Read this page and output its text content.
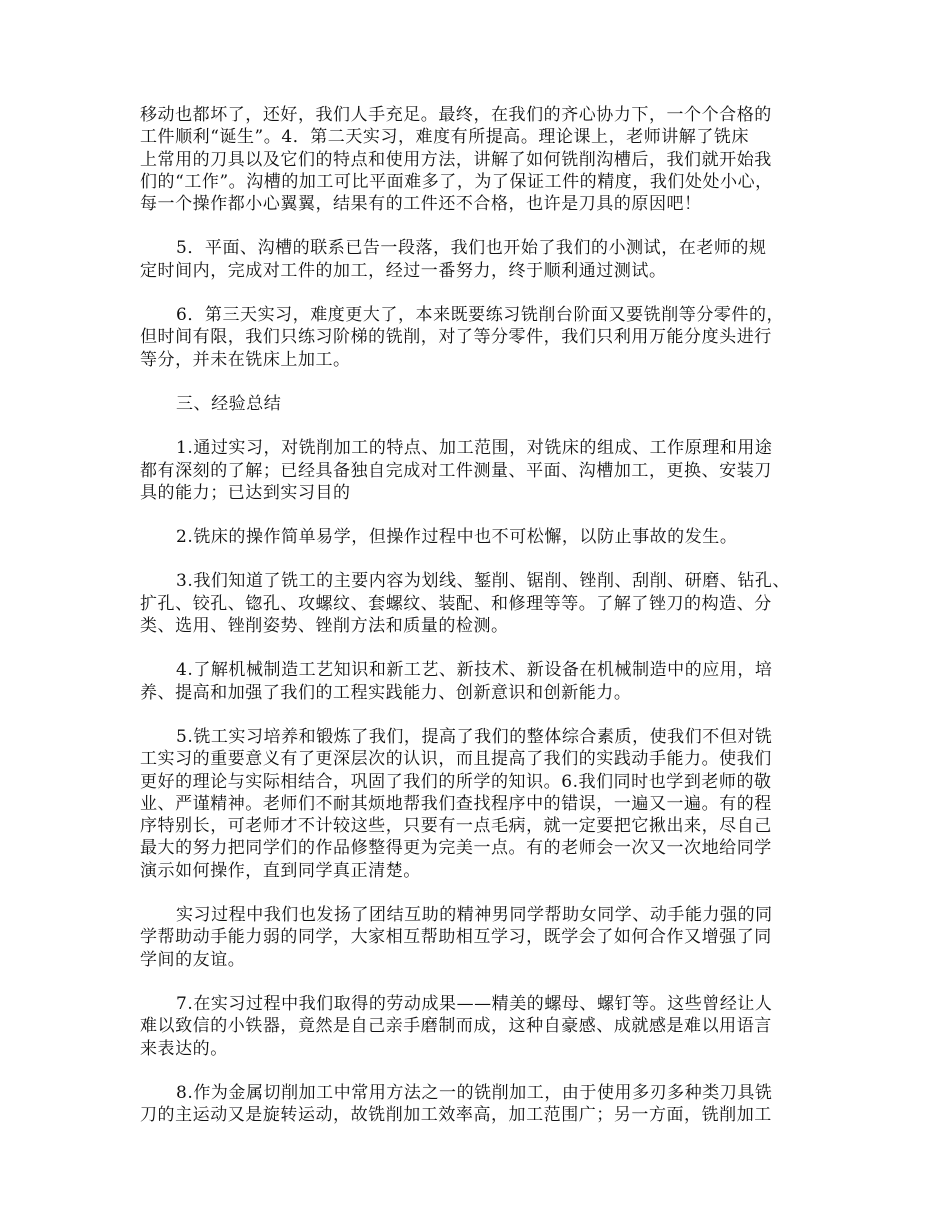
移动也都坏了，还好，我们人手充足。最终，在我们的齐心协力下，一个个合格的
工件顺利“诞生”。4．第二天实习，难度有所提高。理论课上，老师讲解了铣床
上常用的刀具以及它们的特点和使用方法，讲解了如何铣削沟槽后，我们就开始我
们的“工作”。沟槽的加工可比平面难多了，为了保证工件的精度，我们处处小心，
每一个操作都小心翼翼，结果有的工件还不合格，也许是刀具的原因吧！

5．平面、沟槽的联系已告一段落，我们也开始了我们的小测试，在老师的规
定时间内，完成对工件的加工，经过一番努力，终于顺利通过测试。

6．第三天实习，难度更大了，本来既要练习铣削台阶面又要铣削等分零件的，
但时间有限，我们只练习阶梯的铣削，对了等分零件，我们只利用万能分度头进行
等分，并未在铣床上加工。

三、经验总结

1.通过实习，对铣削加工的特点、加工范围，对铣床的组成、工作原理和用途
都有深刻的了解；已经具备独自完成对工件测量、平面、沟槽加工，更换、安装刀
具的能力；已达到实习目的

2.铣床的操作简单易学，但操作过程中也不可松懈，以防止事故的发生。

3.我们知道了铣工的主要内容为划线、錾削、锯削、锉削、刮削、研磨、钻孔、
扩孔、铰孔、锪孔、攻螺纹、套螺纹、装配、和修理等等。了解了锉刀的构造、分
类、选用、锉削姿势、锉削方法和质量的检测。

4.了解机械制造工艺知识和新工艺、新技术、新设备在机械制造中的应用，培
养、提高和加强了我们的工程实践能力、创新意识和创新能力。

5.铣工实习培养和锻炼了我们，提高了我们的整体综合素质，使我们不但对铣
工实习的重要意义有了更深层次的认识，而且提高了我们的实践动手能力。使我们
更好的理论与实际相结合，巩固了我们的所学的知识。6.我们同时也学到老师的敬
业、严谨精神。老师们不耐其烦地帮我们查找程序中的错误，一遍又一遍。有的程
序特别长，可老师才不计较这些，只要有一点毛病，就一定要把它揪出来，尽自己
最大的努力把同学们的作品修整得更为完美一点。有的老师会一次又一次地给同学
演示如何操作，直到同学真正清楚。

实习过程中我们也发扬了团结互助的精神男同学帮助女同学、动手能力强的同
学帮助动手能力弱的同学，大家相互帮助相互学习，既学会了如何合作又增强了同
学间的友谊。

7.在实习过程中我们取得的劳动成果——精美的螺母、螺钉等。这些曾经让人
难以致信的小铁器，竟然是自己亲手磨制而成，这种自豪感、成就感是难以用语言
来表达的。

8.作为金属切削加工中常用方法之一的铣削加工，由于使用多刃多种类刀具铣
刀的主运动又是旋转运动，故铣削加工效率高，加工范围广；另一方面，铣削加工
